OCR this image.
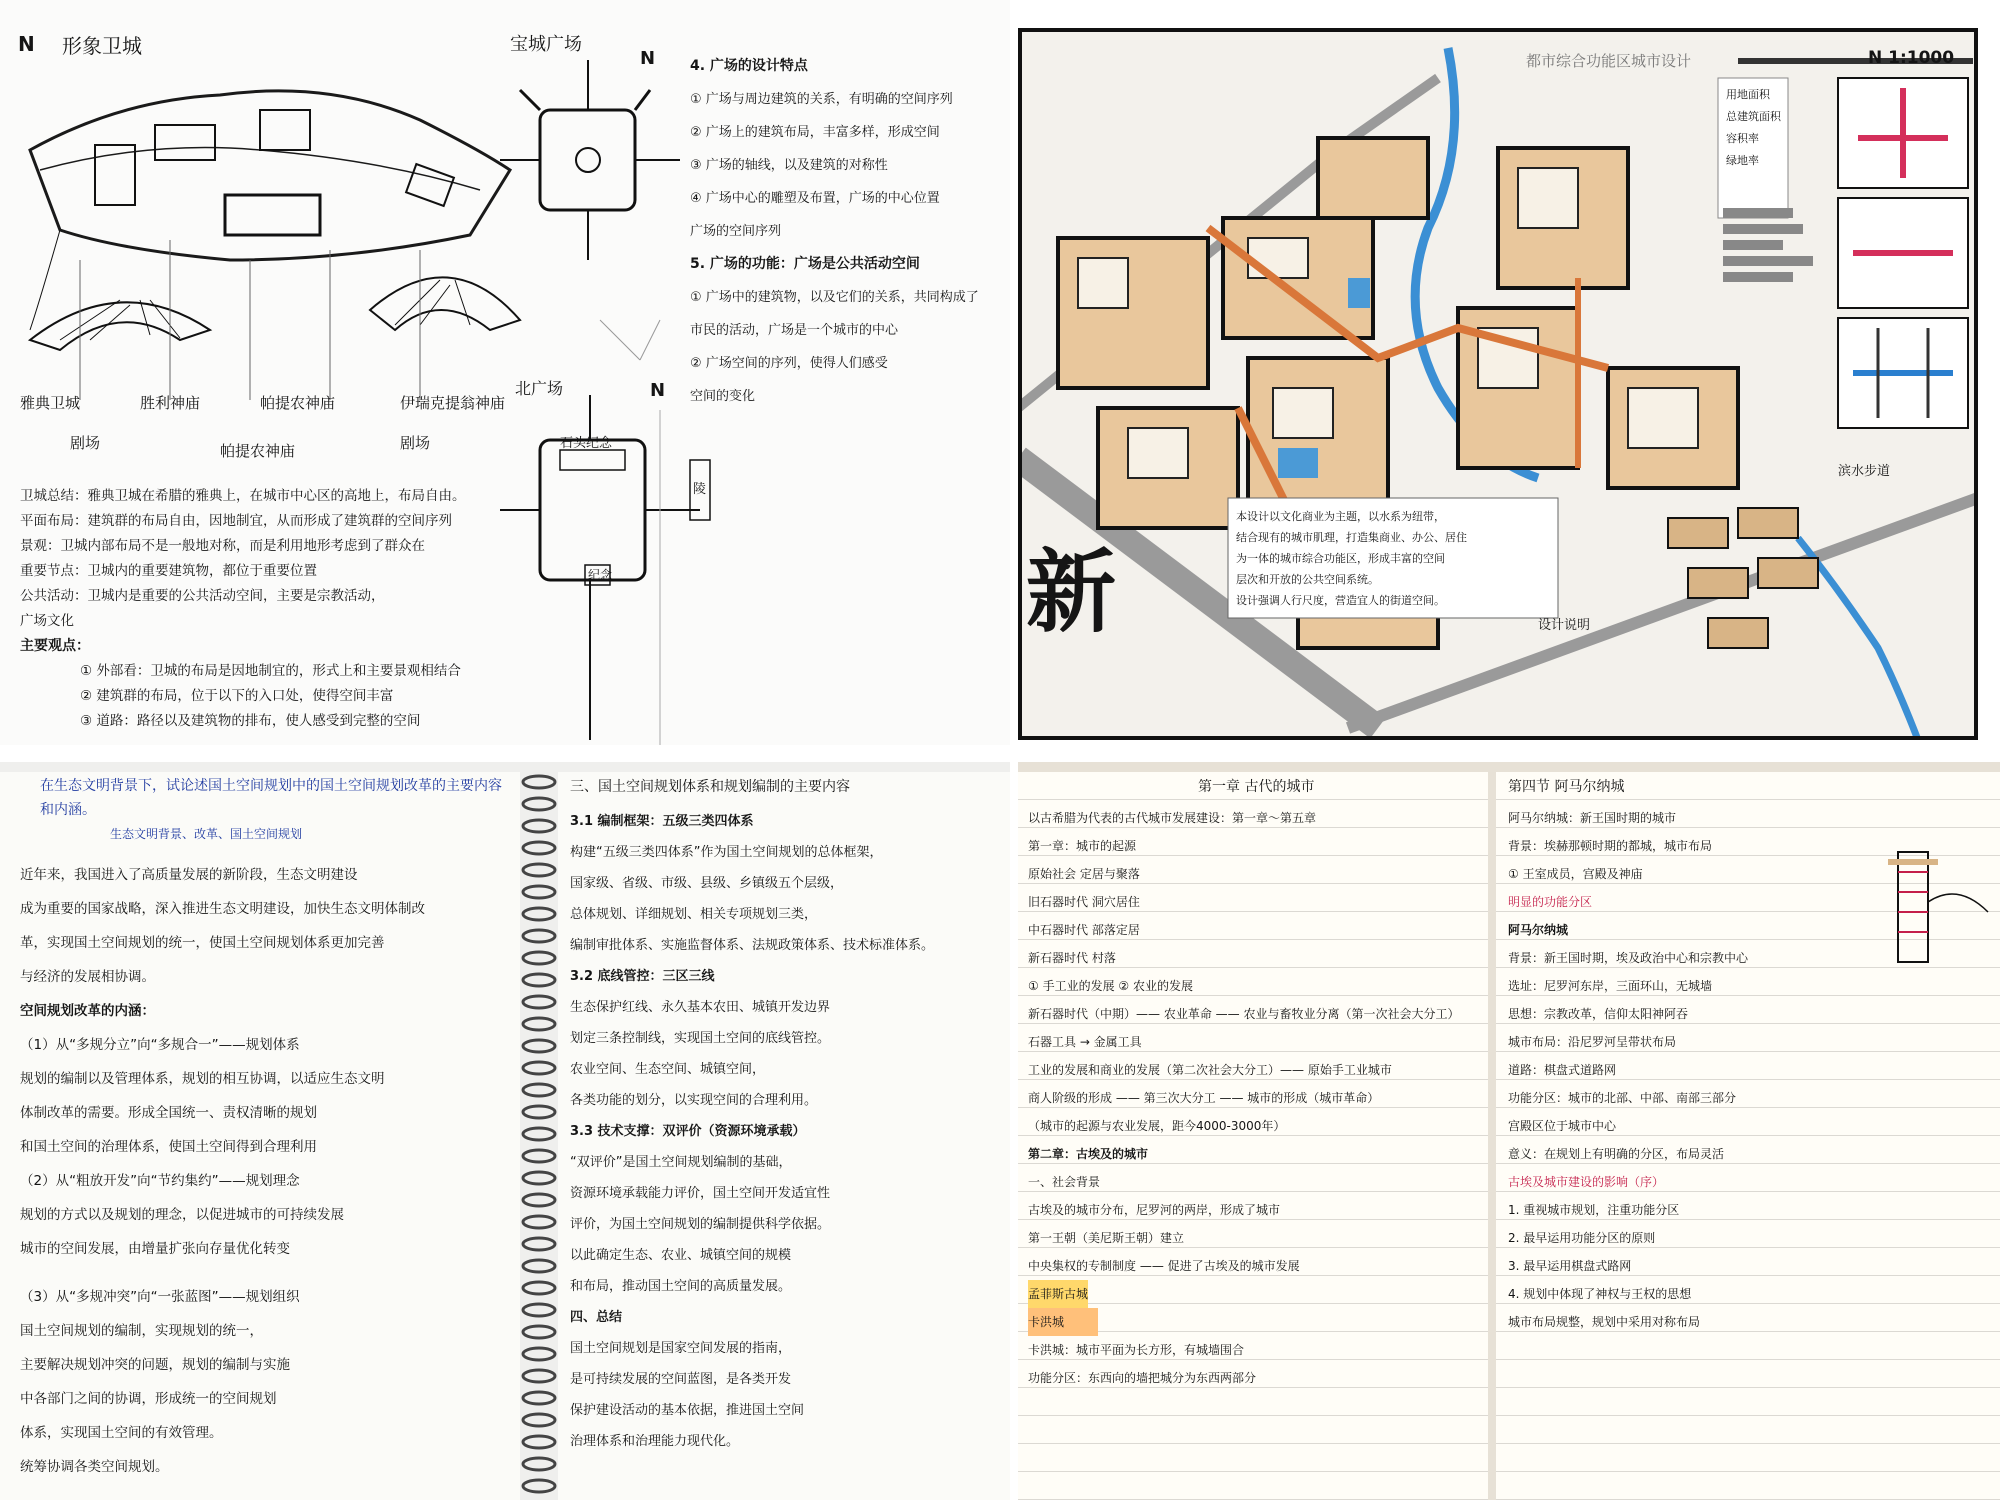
N 形象卫城	宝城广场
N
北广场	N
石头纪念
纪念
陵
雅典卫城	胜利神庙	帕提农神庙	伊瑞克提翁神庙
剧场	剧场
帕提农神庙
卫城总结：雅典卫城在希腊的雅典上，在城市中心区的高地上，布局自由。
平面布局：建筑群的布局自由，因地制宜，从而形成了建筑群的空间序列
景观：卫城内部布局不是一般地对称，而是利用地形考虑到了群众在
重要节点：卫城内的重要建筑物，都位于重要位置
公共活动：卫城内是重要的公共活动空间，主要是宗教活动，
广场文化
主要观点：
① 外部看：卫城的布局是因地制宜的，形式上和主要景观相结合
② 建筑群的布局，位于以下的入口处，使得空间丰富
③ 道路：路径以及建筑物的排布，使人感受到完整的空间
4. 广场的设计特点
① 广场与周边建筑的关系，有明确的空间序列
② 广场上的建筑布局，丰富多样，形成空间
③ 广场的轴线，以及建筑的对称性
④ 广场中心的雕塑及布置，广场的中心位置
广场的空间序列
5. 广场的功能：广场是公共活动空间
① 广场中的建筑物，以及它们的关系，共同构成了
市民的活动，广场是一个城市的中心
② 广场空间的序列，使得人们感受
空间的变化
都市综合功能区城市设计	N 1:1000
新
滨水步道
设计说明
用地面积
总建筑面积
容积率
绿地率
本设计以文化商业为主题，以水系为纽带，
结合现有的城市肌理，打造集商业、办公、居住
为一体的城市综合功能区，形成丰富的空间
层次和开放的公共空间系统。
设计强调人行尺度，营造宜人的街道空间。
在生态文明背景下，试论述国土空间规划中的国土空间规划改革的主要内容和内涵。
生态文明背景、改革、国土空间规划
近年来，我国进入了高质量发展的新阶段，生态文明建设
成为重要的国家战略，深入推进生态文明建设，加快生态文明体制改
革，实现国土空间规划的统一，使国土空间规划体系更加完善
与经济的发展相协调。
空间规划改革的内涵：
（1）从“多规分立”向“多规合一”——规划体系
规划的编制以及管理体系，规划的相互协调，以适应生态文明
体制改革的需要。形成全国统一、责权清晰的规划
和国土空间的治理体系，使国土空间得到合理利用
（2）从“粗放开发”向“节约集约”——规划理念
规划的方式以及规划的理念，以促进城市的可持续发展
城市的空间发展，由增量扩张向存量优化转变
（3）从“多规冲突”向“一张蓝图”——规划组织
国土空间规划的编制，实现规划的统一，
主要解决规划冲突的问题，规划的编制与实施
中各部门之间的协调，形成统一的空间规划
体系，实现国土空间的有效管理。
统筹协调各类空间规划。
三、国土空间规划体系和规划编制的主要内容
3.1 编制框架：五级三类四体系
构建“五级三类四体系”作为国土空间规划的总体框架，
国家级、省级、市级、县级、乡镇级五个层级，
总体规划、详细规划、相关专项规划三类，
编制审批体系、实施监督体系、法规政策体系、技术标准体系。
3.2 底线管控：三区三线
生态保护红线、永久基本农田、城镇开发边界
划定三条控制线，实现国土空间的底线管控。
农业空间、生态空间、城镇空间，
各类功能的划分，以实现空间的合理利用。
3.3 技术支撑：双评价（资源环境承载）
“双评价”是国土空间规划编制的基础，
资源环境承载能力评价，国土空间开发适宜性
评价，为国土空间规划的编制提供科学依据。
以此确定生态、农业、城镇空间的规模
和布局，推动国土空间的高质量发展。
四、总结
国土空间规划是国家空间发展的指南，
是可持续发展的空间蓝图，是各类开发
保护建设活动的基本依据，推进国土空间
治理体系和治理能力现代化。
第一章 古代的城市
以古希腊为代表的古代城市发展建设：第一章～第五章
第一章：城市的起源
原始社会 定居与聚落
旧石器时代 洞穴居住
中石器时代 部落定居
新石器时代 村落
① 手工业的发展 ② 农业的发展
新石器时代（中期）—— 农业革命 —— 农业与畜牧业分离（第一次社会大分工）
石器工具 → 金属工具
工业的发展和商业的发展（第二次社会大分工）—— 原始手工业城市
商人阶级的形成 —— 第三次大分工 —— 城市的形成（城市革命）
（城市的起源与农业发展，距今4000-3000年）
第二章：古埃及的城市
一、社会背景
古埃及的城市分布，尼罗河的两岸，形成了城市
第一王朝（美尼斯王朝）建立
中央集权的专制制度 —— 促进了古埃及的城市发展
孟菲斯古城
卡洪城
卡洪城：城市平面为长方形，有城墙围合
功能分区：东西向的墙把城分为东西两部分
第四节 阿马尔纳城
阿马尔纳城：新王国时期的城市
背景：埃赫那顿时期的都城，城市布局
① 王室成员，宫殿及神庙
明显的功能分区
阿马尔纳城
背景：新王国时期，埃及政治中心和宗教中心
选址：尼罗河东岸，三面环山，无城墙
思想：宗教改革，信仰太阳神阿吞
城市布局：沿尼罗河呈带状布局
道路：棋盘式道路网
功能分区：城市的北部、中部、南部三部分
宫殿区位于城市中心
意义：在规划上有明确的分区，布局灵活
古埃及城市建设的影响（序）
1. 重视城市规划，注重功能分区
2. 最早运用功能分区的原则
3. 最早运用棋盘式路网
4. 规划中体现了神权与王权的思想
城市布局规整，规划中采用对称布局
